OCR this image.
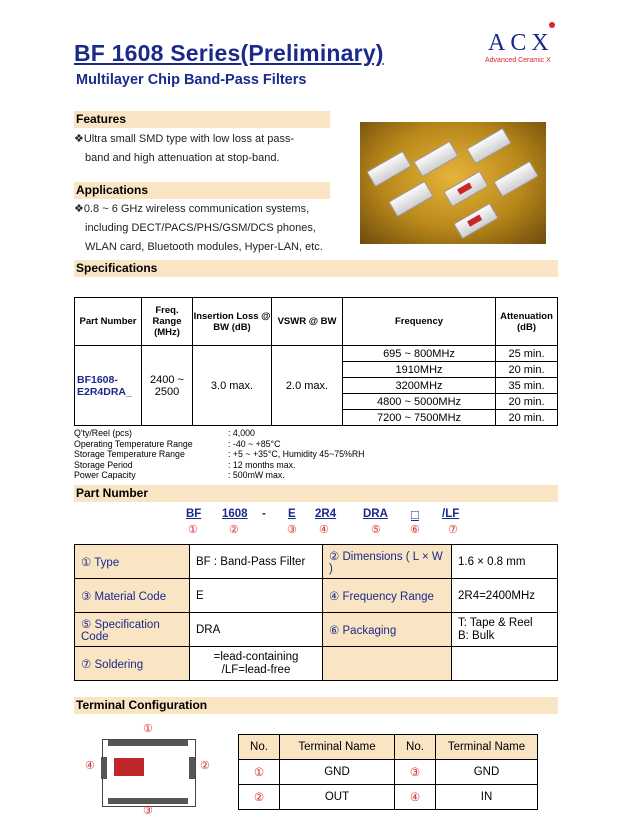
BF 1608 Series(Preliminary)
Multilayer Chip Band-Pass Filters
ACX
Advanced Ceramic X
Features
❖Ultra small SMD type with low loss at pass-
band and high attenuation at stop-band.
Applications
❖0.8 ~ 6 GHz wireless communication systems,
including DECT/PACS/PHS/GSM/DCS phones,
WLAN card, Bluetooth modules, Hyper-LAN, etc.
Specifications
Part Number	Freq. Range (MHz)	Insertion Loss @ BW (dB)	VSWR @ BW	Frequency	Attenuation (dB)
BF1608-E2R4DRA_	2400 ~ 2500	3.0 max.	2.0 max.	695 ~ 800MHz	25 min.
				1910MHz	20 min.
				3200MHz	35 min.
				4800 ~ 5000MHz	20 min.
				7200 ~ 7500MHz	20 min.
Q'ty/Reel (pcs)	: 4,000
Operating Temperature Range	: -40 ~ +85°C
Storage Temperature Range	: +5 ~ +35°C, Humidity 45~75%RH
Storage Period	: 12 months max.
Power Capacity	: 500mW max.
Part Number
BF 1608 - E 2R4 DRA □ /LF
①	②	③ ④	⑤	⑥	⑦
① Type	BF : Band-Pass Filter	② Dimensions ( L × W )	1.6 × 0.8 mm
③ Material Code	E	④ Frequency Range	2R4=2400MHz
⑤ Specification Code	DRA	⑥ Packaging	T: Tape & Reel
B: Bulk
⑦ Soldering	=lead-containing
/LF=lead-free		
Terminal Configuration
①
④	②
③
No.	Terminal Name	No.	Terminal Name
①	GND	③	GND
②	OUT	④	IN
